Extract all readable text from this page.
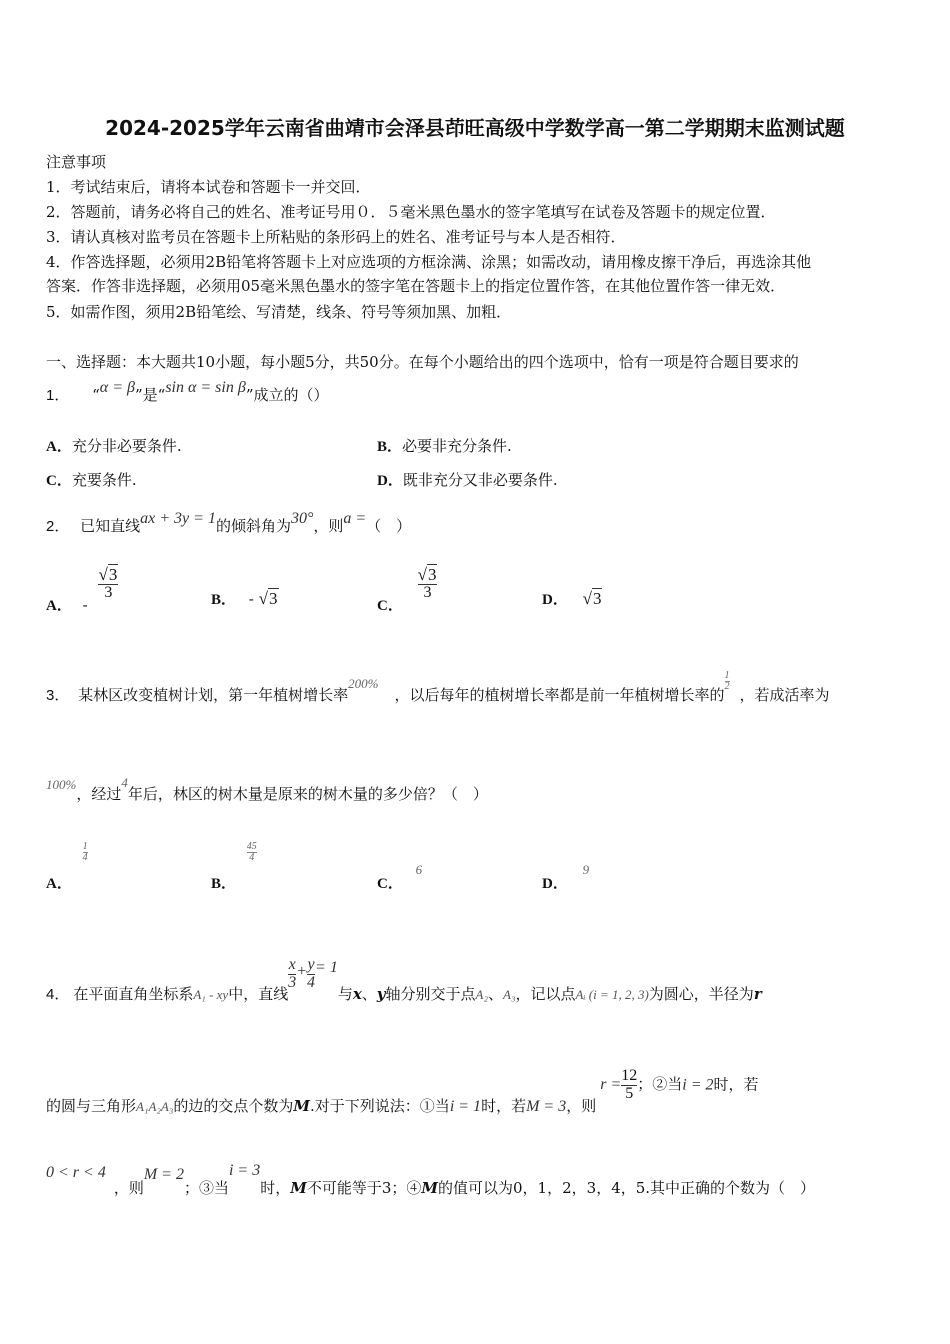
2024-2025学年云南省曲靖市会泽县茚旺高级中学数学高一第二学期期末监测试题
注意事项
1．考试结束后，请将本试卷和答题卡一并交回．
2．答题前，请务必将自己的姓名、准考证号用０．５毫米黑色墨水的签字笔填写在试卷及答题卡的规定位置．
3．请认真核对监考员在答题卡上所粘贴的条形码上的姓名、准考证号与本人是否相符．
4．作答选择题，必须用2B铅笔将答题卡上对应选项的方框涂满、涂黑；如需改动，请用橡皮擦干净后，再选涂其他
答案．作答非选择题，必须用05毫米黑色墨水的签字笔在答题卡上的指定位置作答，在其他位置作答一律无效．
5．如需作图，须用2B铅笔绘、写清楚，线条、符号等须加黑、加粗．
一、选择题：本大题共10小题，每小题5分，共50分。在每个小题给出的四个选项中，恰有一项是符合题目要求的
1． “α = β”是“sin α = sin β”成立的（）
A．充分非必要条件.	B．必要非充分条件.
C．充要条件.	D．既非充分又非必要条件.
2． 已知直线ax + 3y = 1的倾斜角为30°，则a =（　）
A． -
$\frac{√3}{3}$	B． - √3	C．
$\frac{√3}{3}$	D． √3
3． 某林区改变植树计划，第一年植树增长率200%，以后每年的植树增长率都是前一年植树增长率的
$\frac{1}{2}$
，若成活率为
100%，经过4年后，林区的树木量是原来的树木量的多少倍？（　）
A．
$\frac{1}{4}$
B．
$\frac{45}{4}$
C． 6
D． 9
4． 在平面直角坐标系A₁ - xy中，直线
$\frac{x}{3} + \frac{y}{4} = 1$与x、y轴分别交于点A₂、A₃，记以点Aᵢ (i = 1, 2, 3)为圆心，半径为r
的圆与三角形A₁A₂A₃的边的交点个数为M.对于下列说法：①当i = 1时，若M = 3，则$r = \frac{12}{5}$ ；②当i = 2时，若
0 < r < 4，则M = 2；③当i = 3时，M不可能等于3；④M的值可以为0，1，2，3，4，5.其中正确的个数为（　）
